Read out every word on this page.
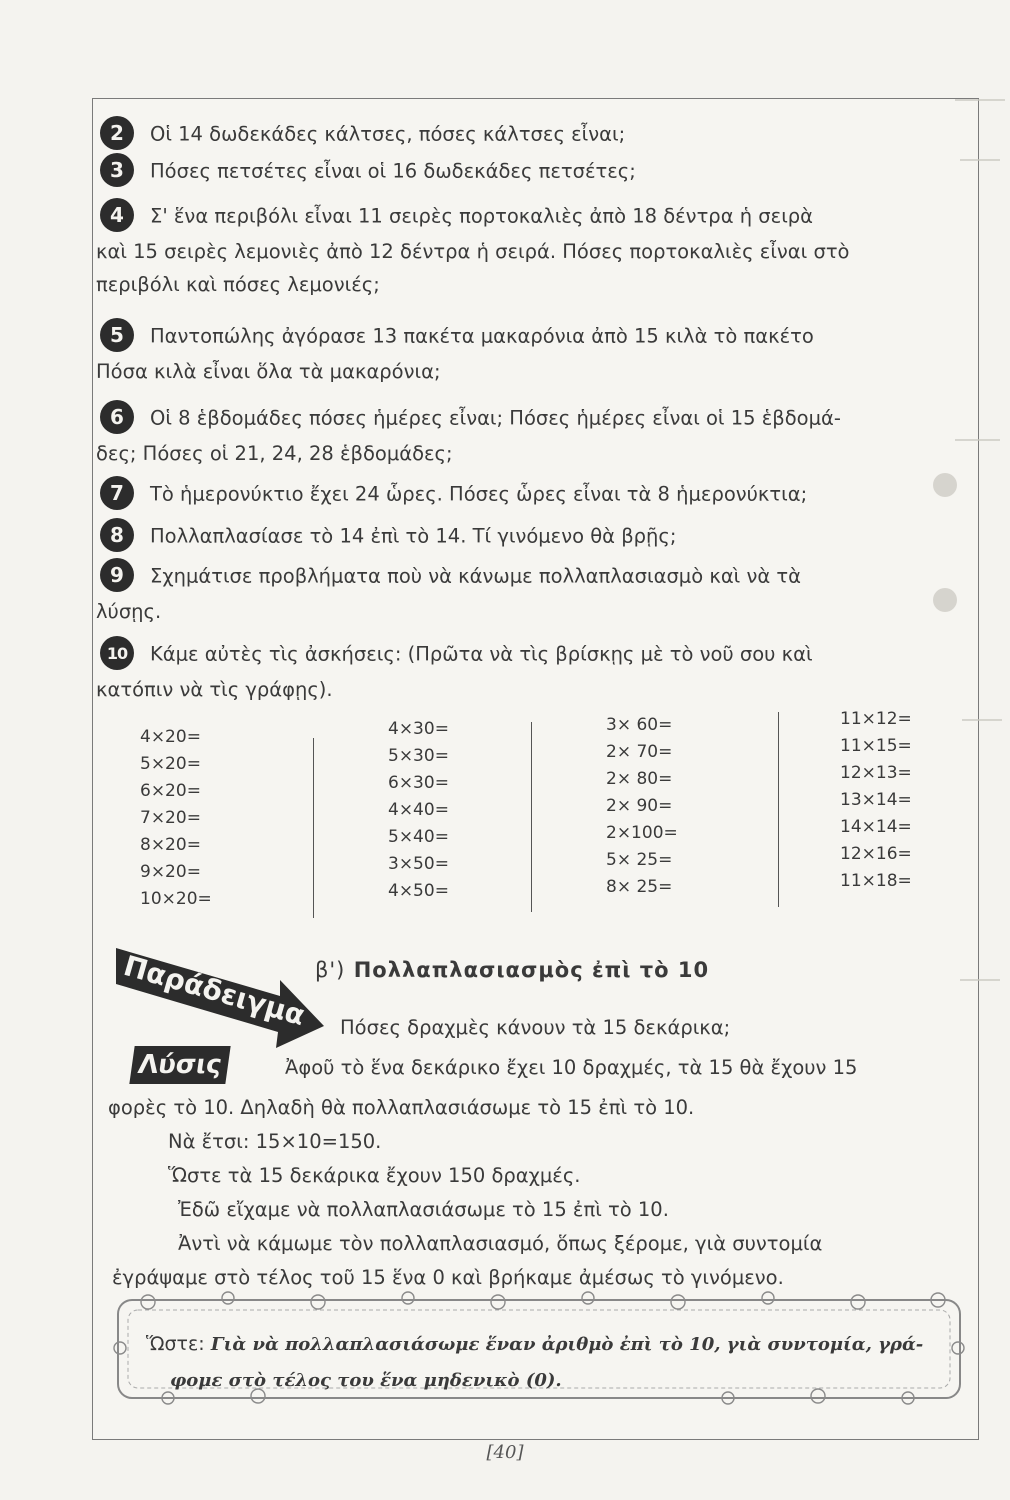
2 Οἱ 14 δωδεκάδες κάλτσες, πόσες κάλτσες εἶναι;
3 Πόσες πετσέτες εἶναι οἱ 16 δωδεκάδες πετσέτες;
4 Σ' ἕνα περιβόλι εἶναι 11 σειρὲς πορτοκαλιὲς ἀπὸ 18 δέντρα ἡ σειρὰ
καὶ 15 σειρὲς λεμονιὲς ἀπὸ 12 δέντρα ἡ σειρά. Πόσες πορτοκαλιὲς εἶναι στὸ
περιβόλι καὶ πόσες λεμονιές;
5 Παντοπώλης ἀγόρασε 13 πακέτα μακαρόνια ἀπὸ 15 κιλὰ τὸ πακέτο
Πόσα κιλὰ εἶναι ὅλα τὰ μακαρόνια;
6 Οἱ 8 ἑβδομάδες πόσες ἡμέρες εἶναι; Πόσες ἡμέρες εἶναι οἱ 15 ἑβδομά-
δες; Πόσες οἱ 21, 24, 28 ἑβδομάδες;
7 Τὸ ἡμερονύκτιο ἔχει 24 ὧρες. Πόσες ὧρες εἶναι τὰ 8 ἡμερονύκτια;
8 Πολλαπλασίασε τὸ 14 ἐπὶ τὸ 14. Τί γινόμενο θὰ βρῇς;
9 Σχημάτισε προβλήματα ποὺ νὰ κάνωμε πολλαπλασιασμὸ καὶ νὰ τὰ
λύσῃς.
10 Κάμε αὐτὲς τὶς ἀσκήσεις: (Πρῶτα νὰ τὶς βρίσκῃς μὲ τὸ νοῦ σου καὶ
κατόπιν νὰ τὶς γράφῃς).
4×20=
5×20=
6×20=
7×20=
8×20=
9×20=
10×20=
4×30=
5×30=
6×30=
4×40=
5×40=
3×50=
4×50=
3× 60=
2× 70=
2× 80=
2× 90=
2×100=
5× 25=
8× 25=
11×12=
11×15=
12×13=
13×14=
14×14=
12×16=
11×18=
Παράδειγμα β') Πολλαπλασιασμὸς ἐπὶ τὸ 10
Λύσις
Πόσες δραχμὲς κάνουν τὰ 15 δεκάρικα;
Ἀφοῦ τὸ ἕνα δεκάρικο ἔχει 10 δραχμές, τὰ 15 θὰ ἔχουν 15
φορὲς τὸ 10. Δηλαδὴ θὰ πολλαπλασιάσωμε τὸ 15 ἐπὶ τὸ 10.
Νὰ ἔτσι: 15×10=150.
Ὥστε τὰ 15 δεκάρικα ἔχουν 150 δραχμές.
Ἐδῶ εἴχαμε νὰ πολλαπλασιάσωμε τὸ 15 ἐπὶ τὸ 10.
Ἀντὶ νὰ κάμωμε τὸν πολλαπλασιασμό, ὅπως ξέρομε, γιὰ συντομία
ἐγράψαμε στὸ τέλος τοῦ 15 ἕνα 0 καὶ βρήκαμε ἀμέσως τὸ γινόμενο.
Ὥστε: Γιὰ νὰ πολλαπλασιάσωμε ἕναν ἀριθμὸ ἐπὶ τὸ 10, γιὰ συντομία, γρά-
φομε στὸ τέλος του ἕνα μηδενικὸ (0).
[40]
